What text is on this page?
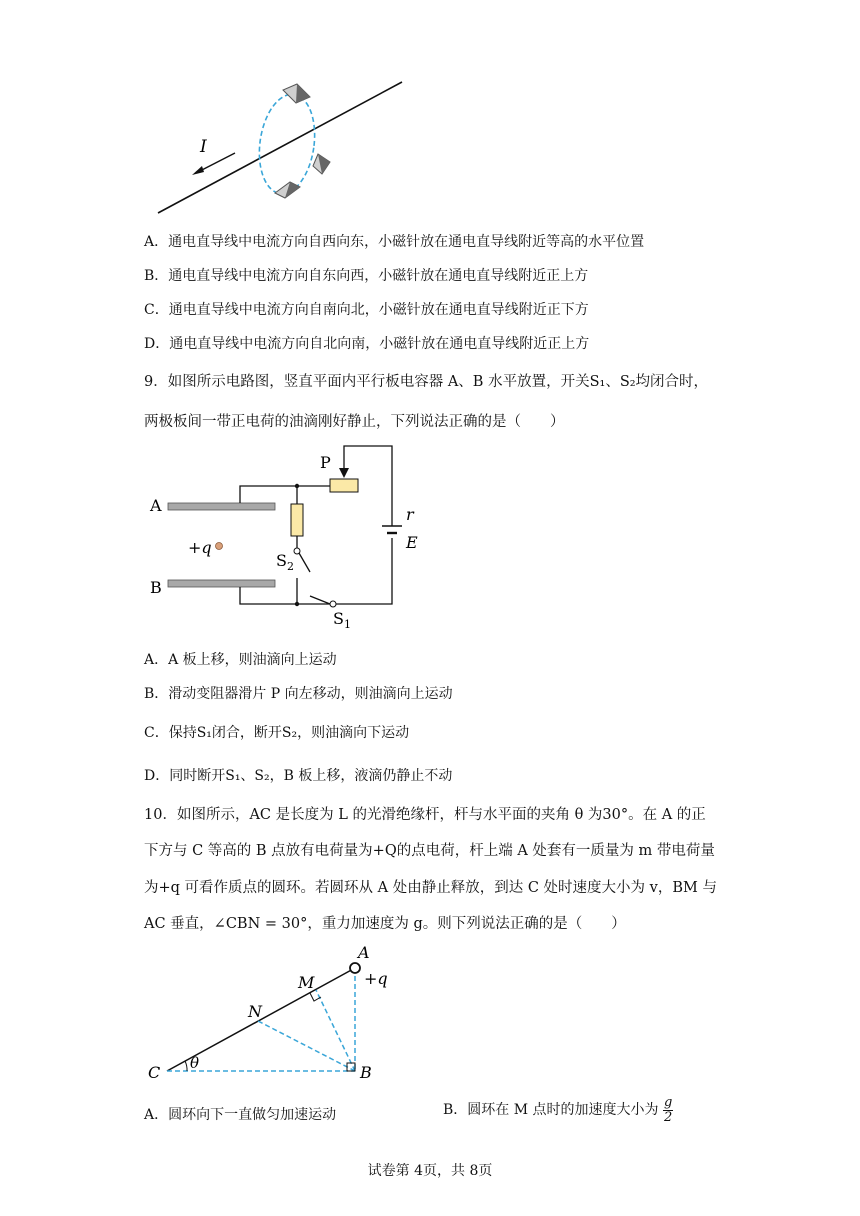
I
A．通电直导线中电流方向自西向东，小磁针放在通电直导线附近等高的水平位置
B．通电直导线中电流方向自东向西，小磁针放在通电直导线附近正上方
C．通电直导线中电流方向自南向北，小磁针放在通电直导线附近正下方
D．通电直导线中电流方向自北向南，小磁针放在通电直导线附近正上方
9．如图所示电路图，竖直平面内平行板电容器 A、B 水平放置，开关S₁、S₂均闭合时，
两极板间一带正电荷的油滴刚好静止，下列说法正确的是（　　）
A
B
P
$S_2$
$S_1$
r
E
+q
A．A 板上移，则油滴向上运动
B．滑动变阻器滑片 P 向左移动，则油滴向上运动
C．保持S₁闭合，断开S₂，则油滴向下运动
D．同时断开S₁、S₂，B 板上移，液滴仍静止不动
10．如图所示，AC 是长度为 L 的光滑绝缘杆，杆与水平面的夹角 θ 为30°。在 A 的正
下方与 C 等高的 B 点放有电荷量为+Q的点电荷，杆上端 A 处套有一质量为 m 带电荷量
为+q 可看作质点的圆环。若圆环从 A 处由静止释放，到达 C 处时速度大小为 v，BM 与
AC 垂直，∠CBN = 30°，重力加速度为 g。则下列说法正确的是（　　）
A
+q
M
N
C	B
θ
A．圆环向下一直做匀加速运动	B．圆环在 M 点时的加速度大小为 $\frac{g}{2}$
试卷第 4页，共 8页
